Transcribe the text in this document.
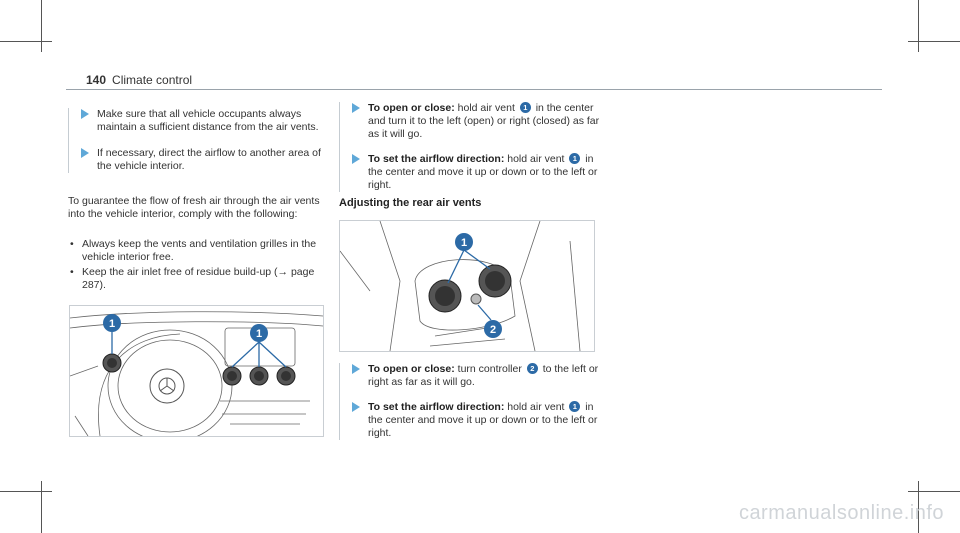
140 Climate control
Make sure that all vehicle occupants always maintain a sufficient distance from the air vents.
If necessary, direct the airflow to another area of the vehicle interior.
To guarantee the flow of fresh air through the air vents into the vehicle interior, comply with the following:
• Always keep the vents and ventilation grilles in the vehicle interior free.
• Keep the air inlet free of residue build-up (→ page 287).
1
1
To open or close: hold air vent 1 in the center and turn it to the left (open) or right (closed) as far as it will go.
To set the airflow direction: hold air vent 1 in the center and move it up or down or to the left or right.
Adjusting the rear air vents
1
2
To open or close: turn controller 2 to the left or right as far as it will go.
To set the airflow direction: hold air vent 1 in the center and move it up or down or to the left or right.
carmanualsonline.info
